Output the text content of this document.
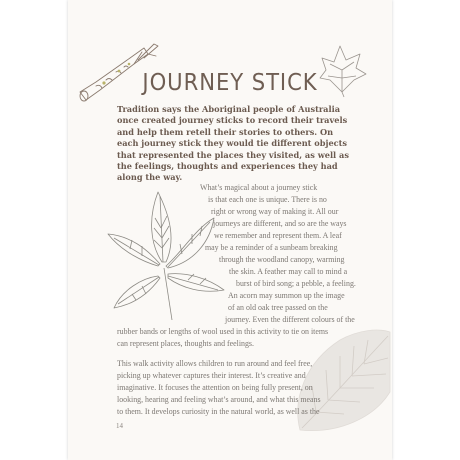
JOURNEY STICK

Tradition says the Aboriginal people of Australia once created journey sticks to record their travels and help them retell their stories to others. On each journey stick they would tie different objects that represented the places they visited, as well as the feelings, thoughts and experiences they had along the way.

What’s magical about a journey stick

is that each one is unique. There is no

right or wrong way of making it. All our

journeys are different, and so are the ways

we remember and represent them. A leaf

may be a reminder of a sunbeam breaking

through the woodland canopy, warming

the skin. A feather may call to mind a

burst of bird song; a pebble, a feeling.

An acorn may summon up the image

of an old oak tree passed on the

journey. Even the different colours of the

rubber bands or lengths of wool used in this activity to tie on items

can represent places, thoughts and feelings.

This walk activity allows children to run around and feel free,

picking up whatever captures their interest. It’s creative and

imaginative. It focuses the attention on being fully present, on

looking, hearing and feeling what’s around, and what this means

to them. It develops curiosity in the natural world, as well as the

14
